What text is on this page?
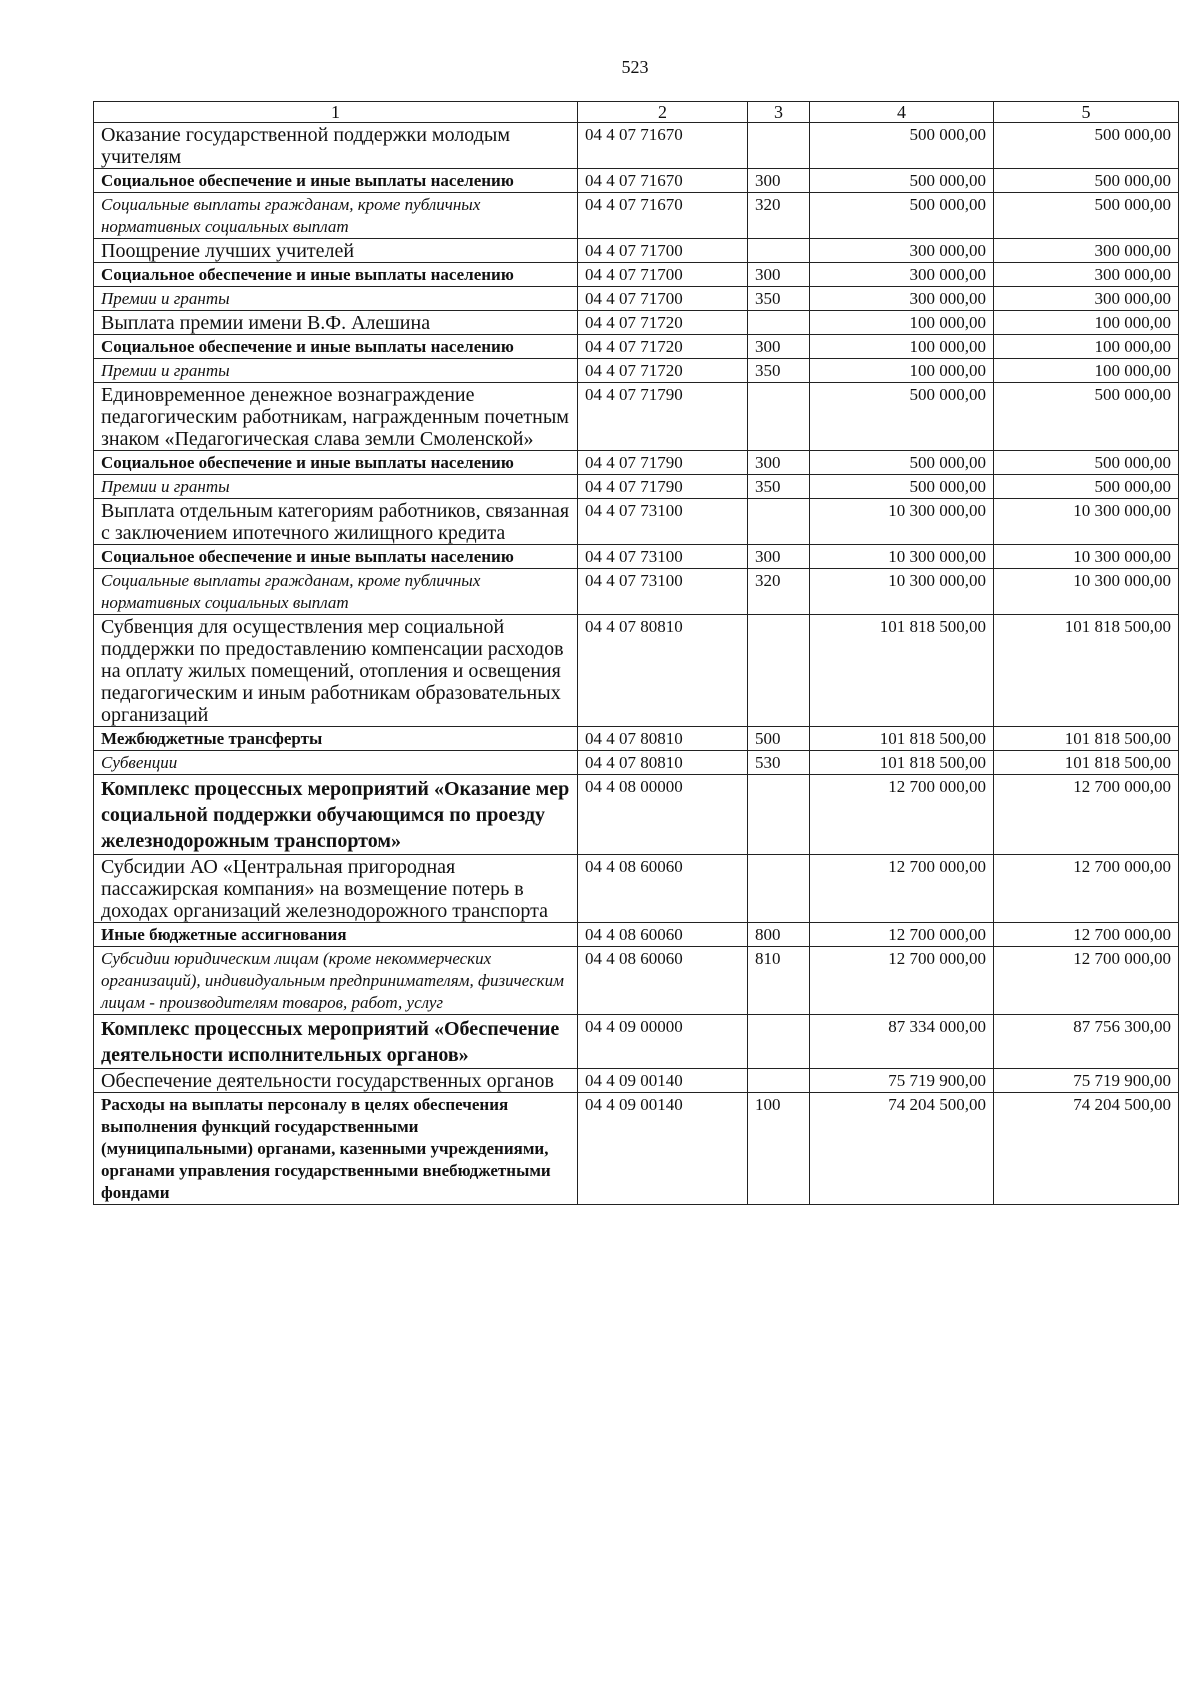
523
1	2	3	4	5
Оказание государственной поддержки молодым учителям	04 4 07 71670		500 000,00	500 000,00
Социальное обеспечение и иные выплаты населению	04 4 07 71670	300	500 000,00	500 000,00
Социальные выплаты гражданам, кроме публичных нормативных социальных выплат	04 4 07 71670	320	500 000,00	500 000,00
Поощрение лучших учителей	04 4 07 71700		300 000,00	300 000,00
Социальное обеспечение и иные выплаты населению	04 4 07 71700	300	300 000,00	300 000,00
Премии и гранты	04 4 07 71700	350	300 000,00	300 000,00
Выплата премии имени В.Ф. Алешина	04 4 07 71720		100 000,00	100 000,00
Социальное обеспечение и иные выплаты населению	04 4 07 71720	300	100 000,00	100 000,00
Премии и гранты	04 4 07 71720	350	100 000,00	100 000,00
Единовременное денежное вознаграждение педагогическим работникам, награжденным почетным знаком «Педагогическая слава земли Смоленской»	04 4 07 71790		500 000,00	500 000,00
Социальное обеспечение и иные выплаты населению	04 4 07 71790	300	500 000,00	500 000,00
Премии и гранты	04 4 07 71790	350	500 000,00	500 000,00
Выплата отдельным категориям работников, связанная с заключением ипотечного жилищного кредита	04 4 07 73100		10 300 000,00	10 300 000,00
Социальное обеспечение и иные выплаты населению	04 4 07 73100	300	10 300 000,00	10 300 000,00
Социальные выплаты гражданам, кроме публичных нормативных социальных выплат	04 4 07 73100	320	10 300 000,00	10 300 000,00
Субвенция для осуществления мер социальной поддержки по предоставлению компенсации расходов на оплату жилых помещений, отопления и освещения педагогическим и иным работникам образовательных организаций	04 4 07 80810		101 818 500,00	101 818 500,00
Межбюджетные трансферты	04 4 07 80810	500	101 818 500,00	101 818 500,00
Субвенции	04 4 07 80810	530	101 818 500,00	101 818 500,00
Комплекс процессных мероприятий «Оказание мер социальной поддержки обучающимся по проезду железнодорожным транспортом»	04 4 08 00000		12 700 000,00	12 700 000,00
Субсидии АО «Центральная пригородная пассажирская компания» на возмещение потерь в доходах организаций железнодорожного транспорта	04 4 08 60060		12 700 000,00	12 700 000,00
Иные бюджетные ассигнования	04 4 08 60060	800	12 700 000,00	12 700 000,00
Субсидии юридическим лицам (кроме некоммерческих организаций), индивидуальным предпринимателям, физическим лицам - производителям товаров, работ, услуг	04 4 08 60060	810	12 700 000,00	12 700 000,00
Комплекс процессных мероприятий «Обеспечение деятельности исполнительных органов»	04 4 09 00000		87 334 000,00	87 756 300,00
Обеспечение деятельности государственных органов	04 4 09 00140		75 719 900,00	75 719 900,00
Расходы на выплаты персоналу в целях обеспечения выполнения функций государственными (муниципальными) органами, казенными учреждениями, органами управления государственными внебюджетными фондами	04 4 09 00140	100	74 204 500,00	74 204 500,00
